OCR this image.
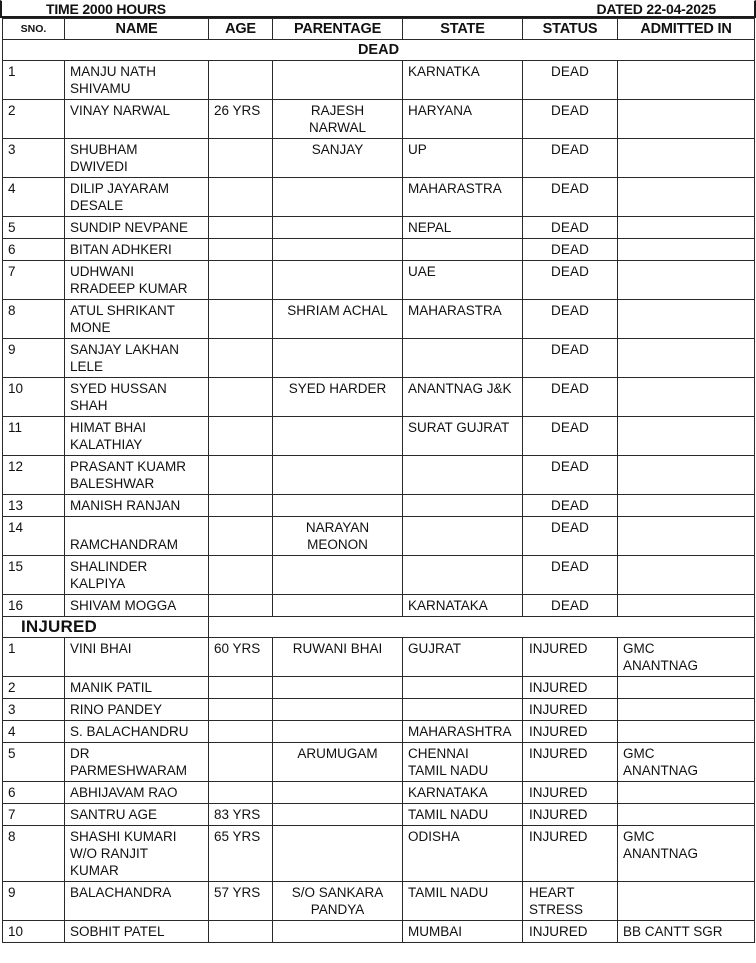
TIME 2000 HOURS	DATED 22-04-2025
SNO.	NAME	AGE	PARENTAGE	STATE	STATUS	ADMITTED IN
DEAD						

1	MANJU NATH
SHIVAMU			KARNATKA	DEAD	

2	VINAY NARWAL	26 YRS	RAJESH
NARWAL	HARYANA	DEAD	

3	SHUBHAM
DWIVEDI		SANJAY	UP	DEAD	

4	DILIP JAYARAM
DESALE			MAHARASTRA	DEAD	

5	SUNDIP NEVPANE			NEPAL	DEAD	

6	BITAN ADHKERI				DEAD	

7	UDHWANI
RRADEEP KUMAR			UAE	DEAD	

8	ATUL SHRIKANT
MONE		SHRIAM ACHAL	MAHARASTRA	DEAD	

9	SANJAY LAKHAN
LELE				DEAD	

10	SYED HUSSAN
SHAH		SYED HARDER	ANANTNAG J&K	DEAD	

11	HIMAT BHAI
KALATHIAY			SURAT GUJRAT	DEAD	

12	PRASANT KUAMR
BALESHWAR				DEAD	

13	MANISH RANJAN				DEAD	

14	RAMCHANDRAM		NARAYAN
MEONON		DEAD	

15	SHALINDER
KALPIYA				DEAD	

16	SHIVAM MOGGA			KARNATAKA	DEAD	

INJURED						

1	VINI BHAI	60 YRS	RUWANI BHAI	GUJRAT	INJURED	GMC
ANANTNAG

2	MANIK PATIL				INJURED	

3	RINO PANDEY				INJURED	

4	S. BALACHANDRU			MAHARASHTRA	INJURED	

5	DR
PARMESHWARAM		ARUMUGAM	CHENNAI
TAMIL NADU	INJURED	GMC
ANANTNAG

6	ABHIJAVAM RAO			KARNATAKA	INJURED	

7	SANTRU AGE	83 YRS		TAMIL NADU	INJURED	

8	SHASHI KUMARI
W/O RANJIT
KUMAR	65 YRS		ODISHA	INJURED	GMC
ANANTNAG

9	BALACHANDRA	57 YRS	S/O SANKARA
PANDYA	TAMIL NADU	HEART
STRESS	

10	SOBHIT PATEL			MUMBAI	INJURED	BB CANTT SGR
